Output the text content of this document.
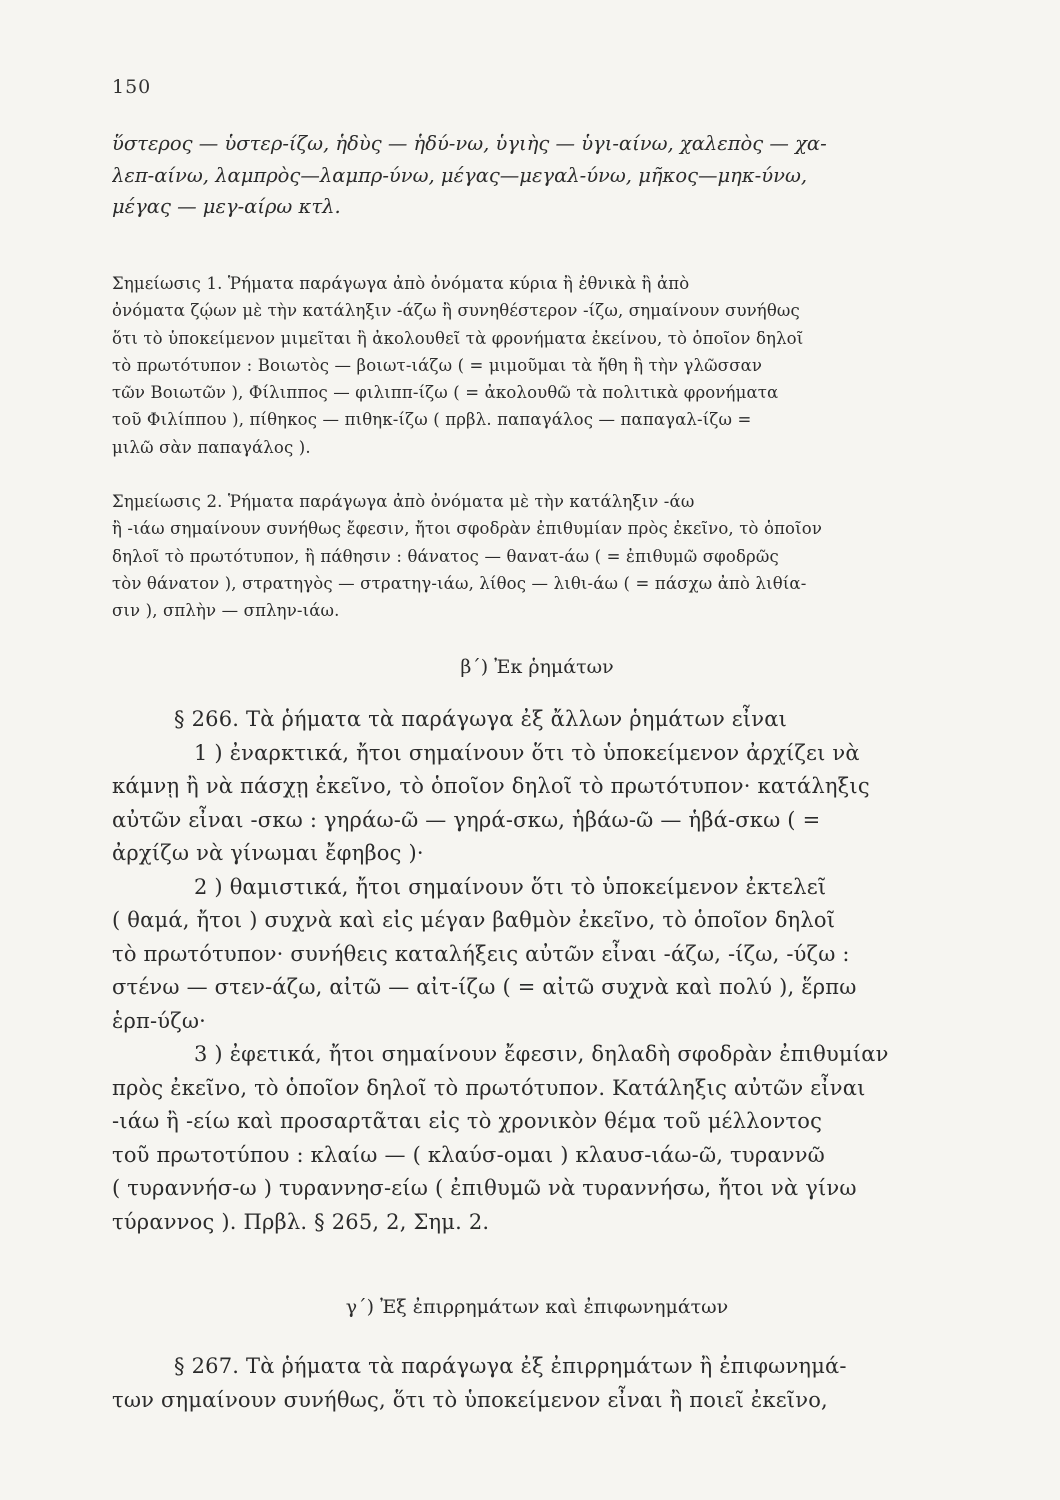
150
ὕστερος — ὑστερ-ίζω, ἡδὺς — ἡδύ-νω, ὑγιὴς — ὑγι-αίνω, χαλεπὸς — χα-
λεπ-αίνω, λαμπρὸς—λαμπρ-ύνω, μέγας—μεγαλ-ύνω, μῆκος—μηκ-ύνω,
μέγας — μεγ-αίρω κτλ.
Σημείωσις 1. Ῥήματα παράγωγα ἀπὸ ὀνόματα κύρια ἢ ἐθνικὰ ἢ ἀπὸ
ὀνόματα ζῴων μὲ τὴν κατάληξιν -άζω ἢ συνηθέστερον -ίζω, σημαίνουν συνήθως
ὅτι τὸ ὑποκείμενον μιμεῖται ἢ ἀκολουθεῖ τὰ φρονήματα ἐκείνου, τὸ ὁποῖον δηλοῖ
τὸ πρωτότυπον : Βοιωτὸς — βοιωτ-ιάζω ( = μιμοῦμαι τὰ ἤθη ἢ τὴν γλῶσσαν
τῶν Βοιωτῶν ), Φίλιππος — φιλιππ-ίζω ( = ἀκολουθῶ τὰ πολιτικὰ φρονήματα
τοῦ Φιλίππου ), πίθηκος — πιθηκ-ίζω ( πρβλ. παπαγάλος — παπαγαλ-ίζω =
μιλῶ σὰν παπαγάλος ).
Σημείωσις 2. Ῥήματα παράγωγα ἀπὸ ὀνόματα μὲ τὴν κατάληξιν -άω
ἢ -ιάω σημαίνουν συνήθως ἔφεσιν, ἤτοι σφοδρὰν ἐπιθυμίαν πρὸς ἐκεῖνο, τὸ ὁποῖον
δηλοῖ τὸ πρωτότυπον, ἢ πάθησιν : θάνατος — θανατ-άω ( = ἐπιθυμῶ σφοδρῶς
τὸν θάνατον ), στρατηγὸς — στρατηγ-ιάω, λίθος — λιθι-άω ( = πάσχω ἀπὸ λιθία-
σιν ), σπλὴν — σπλην-ιάω.
β΄) Ἐκ ῥημάτων
§ 266. Τὰ ῥήματα τὰ παράγωγα ἐξ ἄλλων ῥημάτων εἶναι
1 ) ἐναρκτικά, ἤτοι σημαίνουν ὅτι τὸ ὑποκείμενον ἀρχίζει νὰ
κάμνῃ ἢ νὰ πάσχῃ ἐκεῖνο, τὸ ὁποῖον δηλοῖ τὸ πρωτότυπον· κατάληξις
αὐτῶν εἶναι -σκω : γηράω-ῶ — γηρά-σκω, ἡβάω-ῶ — ἡβά-σκω ( =
ἀρχίζω νὰ γίνωμαι ἔφηβος )·
2 ) θαμιστικά, ἤτοι σημαίνουν ὅτι τὸ ὑποκείμενον ἐκτελεῖ
( θαμά, ἤτοι ) συχνὰ καὶ εἰς μέγαν βαθμὸν ἐκεῖνο, τὸ ὁποῖον δηλοῖ
τὸ πρωτότυπον· συνήθεις καταλήξεις αὐτῶν εἶναι -άζω, -ίζω, -ύζω :
στένω — στεν-άζω, αἰτῶ — αἰτ-ίζω ( = αἰτῶ συχνὰ καὶ πολύ ), ἕρπω
ἑρπ-ύζω·
3 ) ἐφετικά, ἤτοι σημαίνουν ἔφεσιν, δηλαδὴ σφοδρὰν ἐπιθυμίαν
πρὸς ἐκεῖνο, τὸ ὁποῖον δηλοῖ τὸ πρωτότυπον. Κατάληξις αὐτῶν εἶναι
-ιάω ἢ -είω καὶ προσαρτᾶται εἰς τὸ χρονικὸν θέμα τοῦ μέλλοντος
τοῦ πρωτοτύπου : κλαίω — ( κλαύσ-ομαι ) κλαυσ-ιάω-ῶ, τυραννῶ
( τυραννήσ-ω ) τυραννησ-είω ( ἐπιθυμῶ νὰ τυραννήσω, ἤτοι νὰ γίνω
τύραννος ). Πρβλ. § 265, 2, Σημ. 2.
γ΄) Ἐξ ἐπιρρημάτων καὶ ἐπιφωνημάτων
§ 267. Τὰ ῥήματα τὰ παράγωγα ἐξ ἐπιρρημάτων ἢ ἐπιφωνημά-
των σημαίνουν συνήθως, ὅτι τὸ ὑποκείμενον εἶναι ἢ ποιεῖ ἐκεῖνο,
